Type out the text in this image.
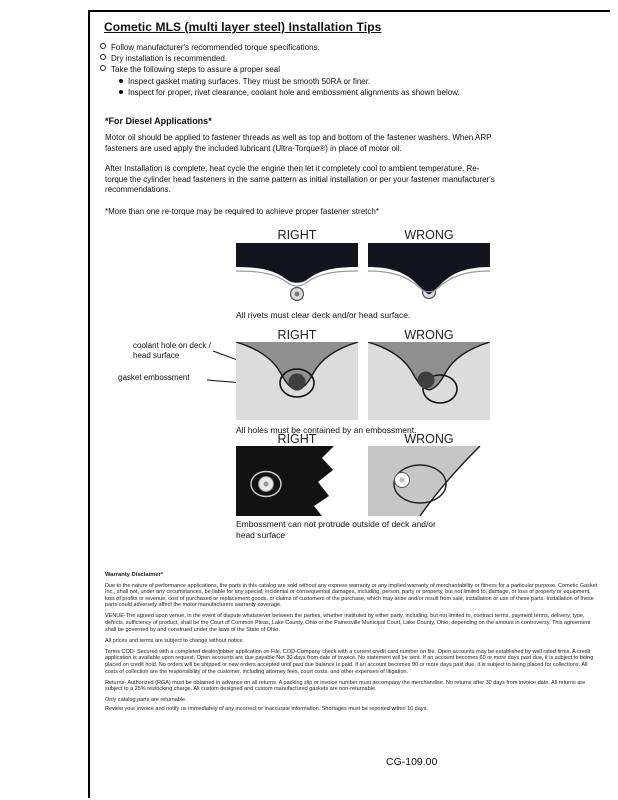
Cometic MLS (multi layer steel) Installation Tips
Follow manufacturer's recommended torque specifications.
Dry installation is recommended.
Take the following steps to assure a proper seal
Inspect gasket mating surfaces. They must be smooth 50RA or finer.
Inspect for proper, rivet clearance, coolant hole and embossment alignments as shown below.
*For Diesel Applications*
Motor oil should be applied to fastener threads as well as top and bottom of the fastener washers. When ARP fasteners are used apply the included lubricant (Ultra-Torque®) in place of motor oil.
After Installation is complete, heat cycle the engine then let it completely cool to ambient temperature. Re-torque the cylinder head fasteners in the same pattern as initial installation or per your fastener manufacturer's recommendations.
*More than one re-torque may be required to achieve proper fastener stretch*
RIGHT	WRONG
All rivets must clear deck and/or head surface.
RIGHT	WRONG
coolant hole on deck / head surface
gasket embossment
All holes must be contained by an embossment.
RIGHT	WRONG
Embossment can not protrude outside of deck and/or head surface

Warranty Disclaimer*

Due to the nature of performance applications, the parts in this catalog are sold without any express warranty or any implied warranty of merchantability or fitness for a particular purpose. Cometic Gasket Inc., shall not, under any circumstances, be liable for any special, incidental or consequential damages, including, person, party or property, but not limited to, damage, or loss of property or equipment, loss of profits or revenue, cost of purchased or replacement goods, or claims of customers of the purchase, which may arise and/or result from sale, installation or use of these parts. Installation of these parts could adversely affect the motor manufacturers warranty coverage.

VENUE-The agreed upon venue, in the event of dispute whatsoever between the parties, whether instituted by either party, including, but not limited to, contract terms, payment terms, delivery, type, defects, sufficiency of product, shall be the Court of Common Pleas, Lake County, Ohio or the Painesville Municipal Court, Lake County, Ohio, depending on the amount in controversy. This agreement shall be governed by and construed under the laws of the State of Ohio.

All prices and terms are subject to change without notice.

Terms COD- Secured with a completed dealer/jobber application on File, COD-Company check with a current credit card number on file. Open accounts may be established by well rated firms. A credit application is available upon request. Open accounts are due payable Net 30 days from date of invoice. No statement will be sent. If an account becomes 60 or more days past due, it is subject to being placed on credit hold. No orders will be shipped or new orders accepted until past due balance is paid. If an account becomes 90 or more days past due, it is subject to being placed for collections. All costs of collection are the responsibility of the customer, including attorney fees, court costs, and other expenses of litigation.

Returns- Authorized (RGA) must be obtained in advance on all returns. A packing slip or invoice number must accompany the merchandise. No returns after 30 days from invoice date. All returns are subject to a 25% restocking charge. All custom designed and custom manufactured gaskets are non-returnable.

Only catalog parts are returnable.

Review your invoice and notify us immediately of any incorrect or inaccurate information. Shortages must be reported within 10 days.

CG-109.00
